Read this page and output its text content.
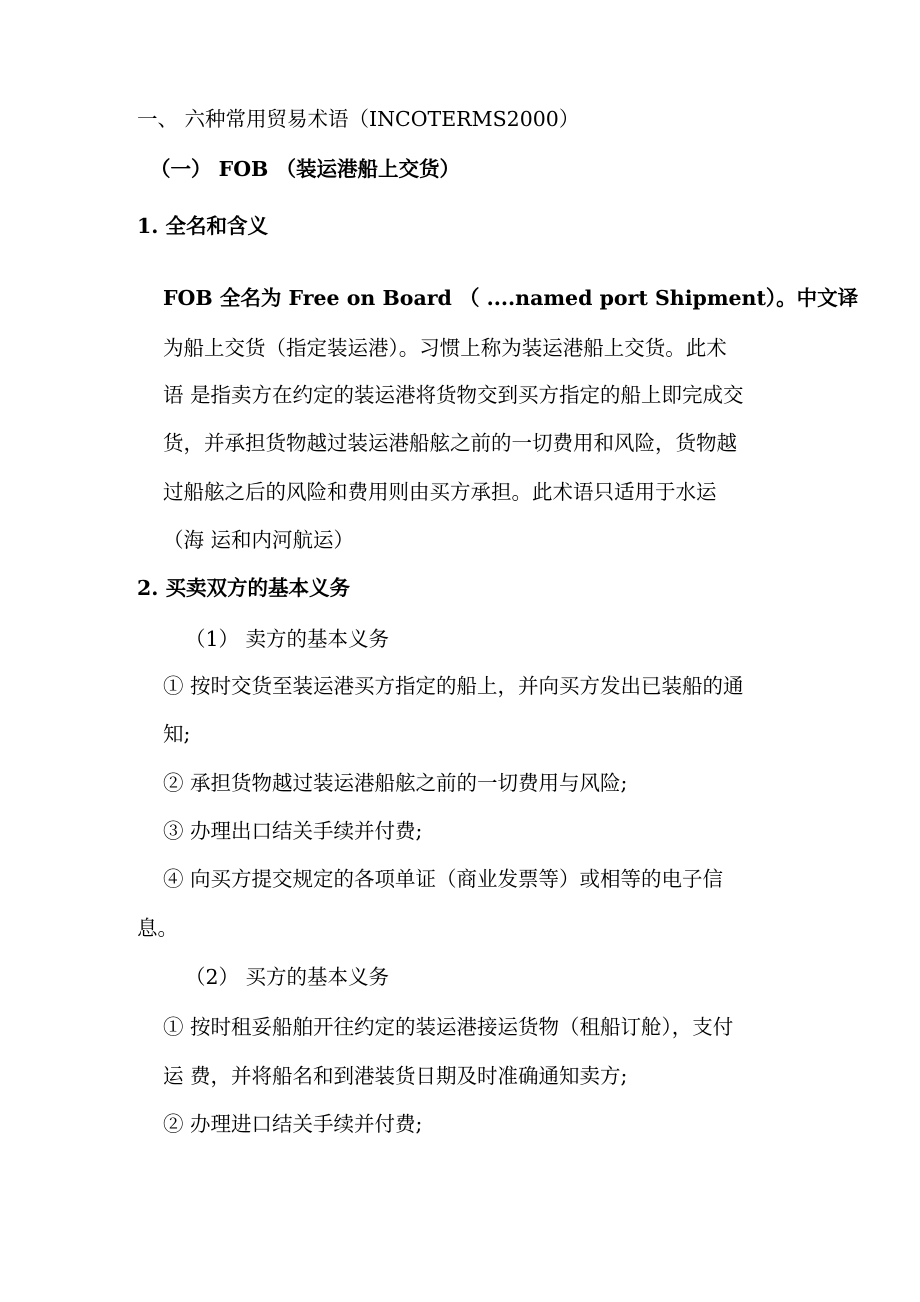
一、 六种常用贸易术语（INCOTERMS2000）
（一） FOB （装运港船上交货）
1. 全名和含义
FOB 全名为 Free on Board （ ....named port Shipment）。中文译
为船上交货（指定装运港）。习惯上称为装运港船上交货。此术
语 是指卖方在约定的装运港将货物交到买方指定的船上即完成交
货，并承担货物越过装运港船舷之前的一切费用和风险，货物越
过船舷之后的风险和费用则由买方承担。此术语只适用于水运
（海 运和内河航运）
2. 买卖双方的基本义务
（1） 卖方的基本义务
① 按时交货至装运港买方指定的船上，并向买方发出已装船的通
知;
② 承担货物越过装运港船舷之前的一切费用与风险;
③ 办理出口结关手续并付费;
④ 向买方提交规定的各项单证（商业发票等）或相等的电子信
息。
（2） 买方的基本义务
① 按时租妥船舶开往约定的装运港接运货物（租船订舱），支付
运 费，并将船名和到港装货日期及时准确通知卖方;
② 办理进口结关手续并付费;
